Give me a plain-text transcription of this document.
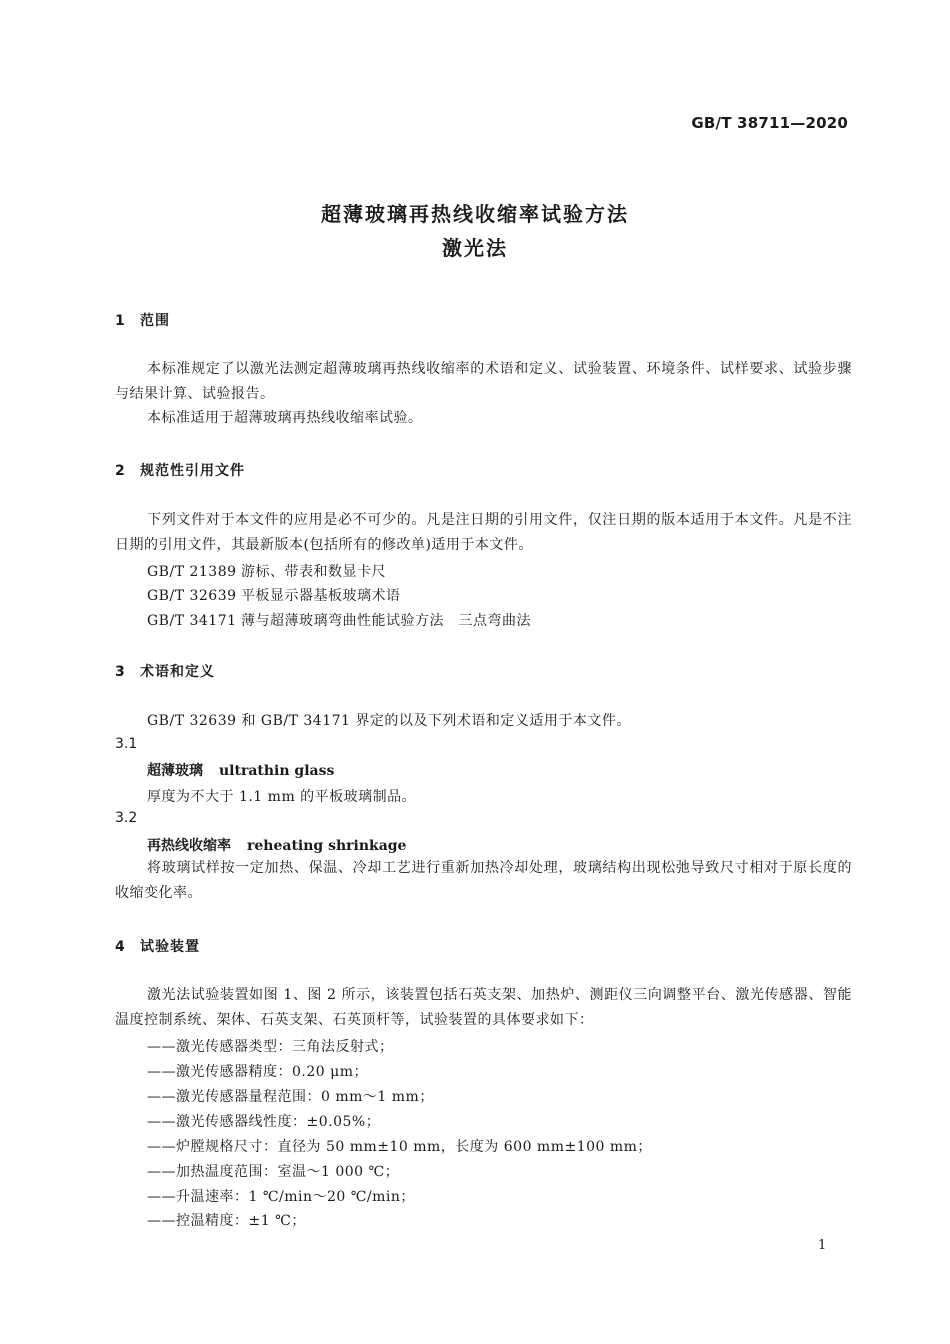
GB/T 38711—2020
超薄玻璃再热线收缩率试验方法
激光法
1 范围
本标准规定了以激光法测定超薄玻璃再热线收缩率的术语和定义、试验装置、环境条件、试样要求、试验步骤与结果计算、试验报告。
本标准适用于超薄玻璃再热线收缩率试验。
2 规范性引用文件
下列文件对于本文件的应用是必不可少的。凡是注日期的引用文件，仅注日期的版本适用于本文件。凡是不注日期的引用文件，其最新版本(包括所有的修改单)适用于本文件。
GB/T 21389 游标、带表和数显卡尺
GB/T 32639 平板显示器基板玻璃术语
GB/T 34171 薄与超薄玻璃弯曲性能试验方法　三点弯曲法
3 术语和定义
GB/T 32639 和 GB/T 34171 界定的以及下列术语和定义适用于本文件。
3.1
超薄玻璃 ultrathin glass
厚度为不大于 1.1 mm 的平板玻璃制品。
3.2
再热线收缩率 reheating shrinkage
将玻璃试样按一定加热、保温、冷却工艺进行重新加热冷却处理，玻璃结构出现松弛导致尺寸相对于原长度的收缩变化率。
4 试验装置
激光法试验装置如图 1、图 2 所示，该装置包括石英支架、加热炉、测距仪三向调整平台、激光传感器、智能温度控制系统、架体、石英支架、石英顶杆等，试验装置的具体要求如下：
——激光传感器类型：三角法反射式；
——激光传感器精度：0.20 μm；
——激光传感器量程范围：0 mm～1 mm；
——激光传感器线性度：±0.05%；
——炉膛规格尺寸：直径为 50 mm±10 mm，长度为 600 mm±100 mm；
——加热温度范围：室温～1 000 ℃；
——升温速率：1 ℃/min～20 ℃/min；
——控温精度：±1 ℃；
1
